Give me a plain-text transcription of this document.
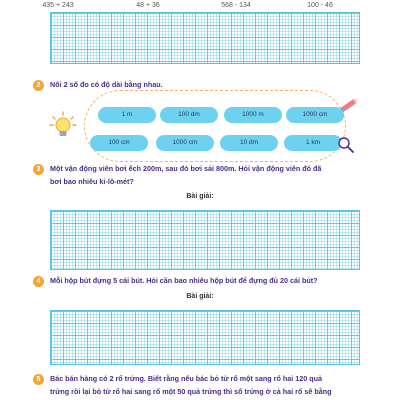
435 + 243	48 + 36	568 - 134	100 - 46
2	Nối 2 số đo có độ dài bằng nhau.
1 m	100 dm	1000 m	1000 cm
100 cm	1000 cm	10 dm	1 km
3	Một vận động viên bơi ếch 200m, sau đó bơi sải 800m. Hỏi vận động viên đó đã
bơi bao nhiêu ki-lô-mét?
Bài giải:
4	Mỗi hộp bút đựng 5 cái bút. Hỏi cần bao nhiêu hộp bút để đựng đủ 20 cái bút?
Bài giải:
5	Bác bán hàng có 2 rổ trứng. Biết rằng nếu bác bỏ từ rổ một sang rổ hai 120 quả
trứng rồi lại bỏ từ rổ hai sang rổ một 50 quả trứng thì số trứng ở cả hai rổ sẽ bằng
